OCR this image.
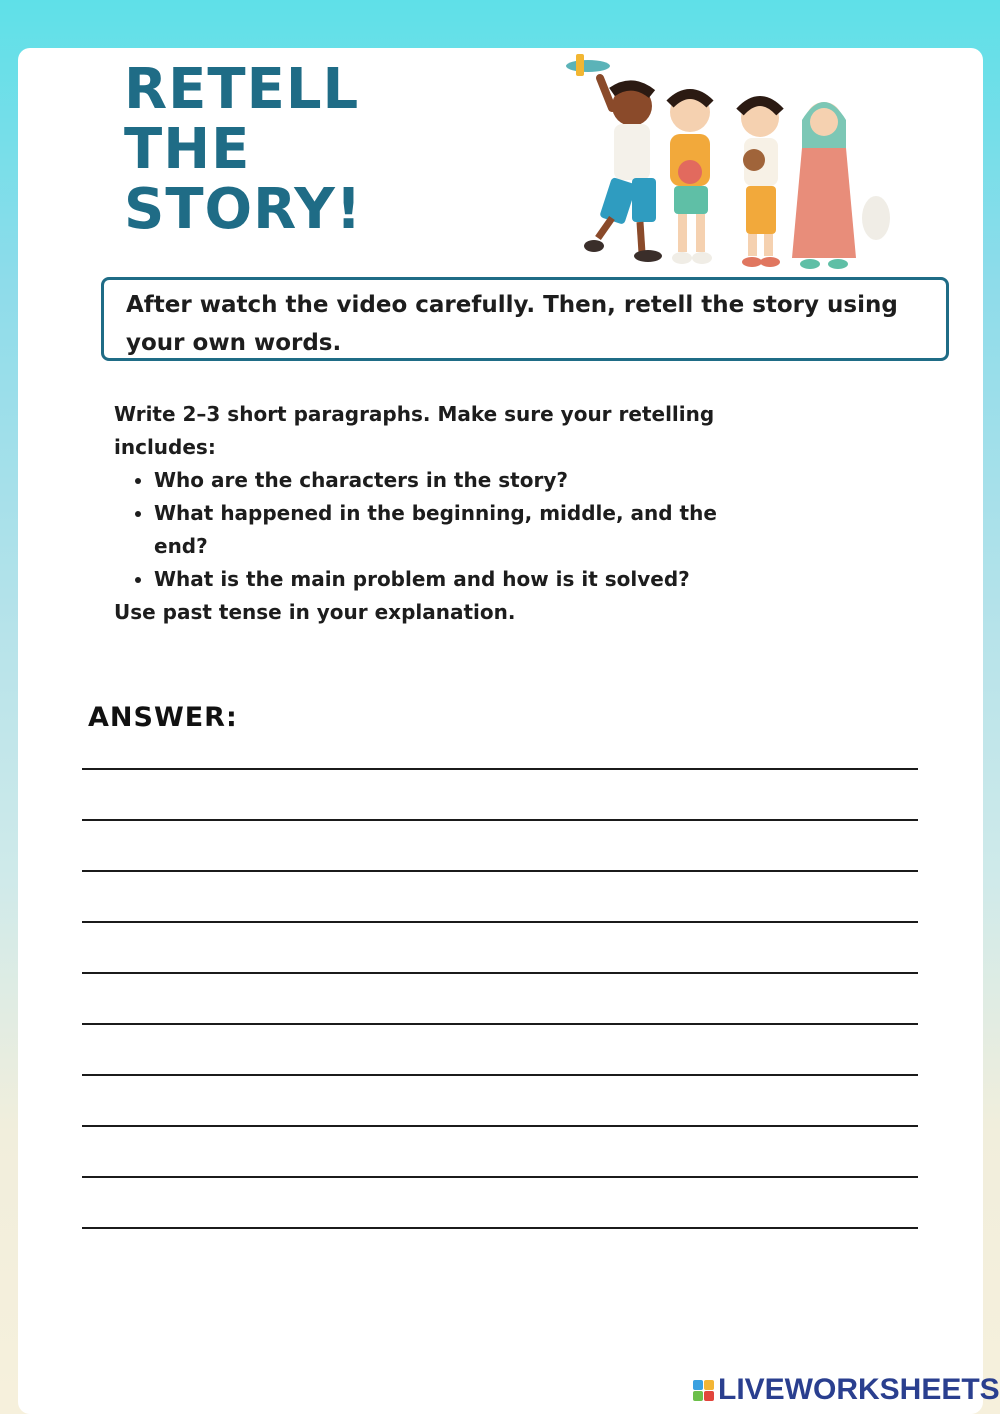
RETELL
THE
STORY!
After watch the video carefully. Then, retell the story using your own words.
Write 2–3 short paragraphs. Make sure your retelling includes:
• Who are the characters in the story?
• What happened in the beginning, middle, and the end?
• What is the main problem and how is it solved?
Use past tense in your explanation.
ANSWER:
LIVEWORKSHEETS
